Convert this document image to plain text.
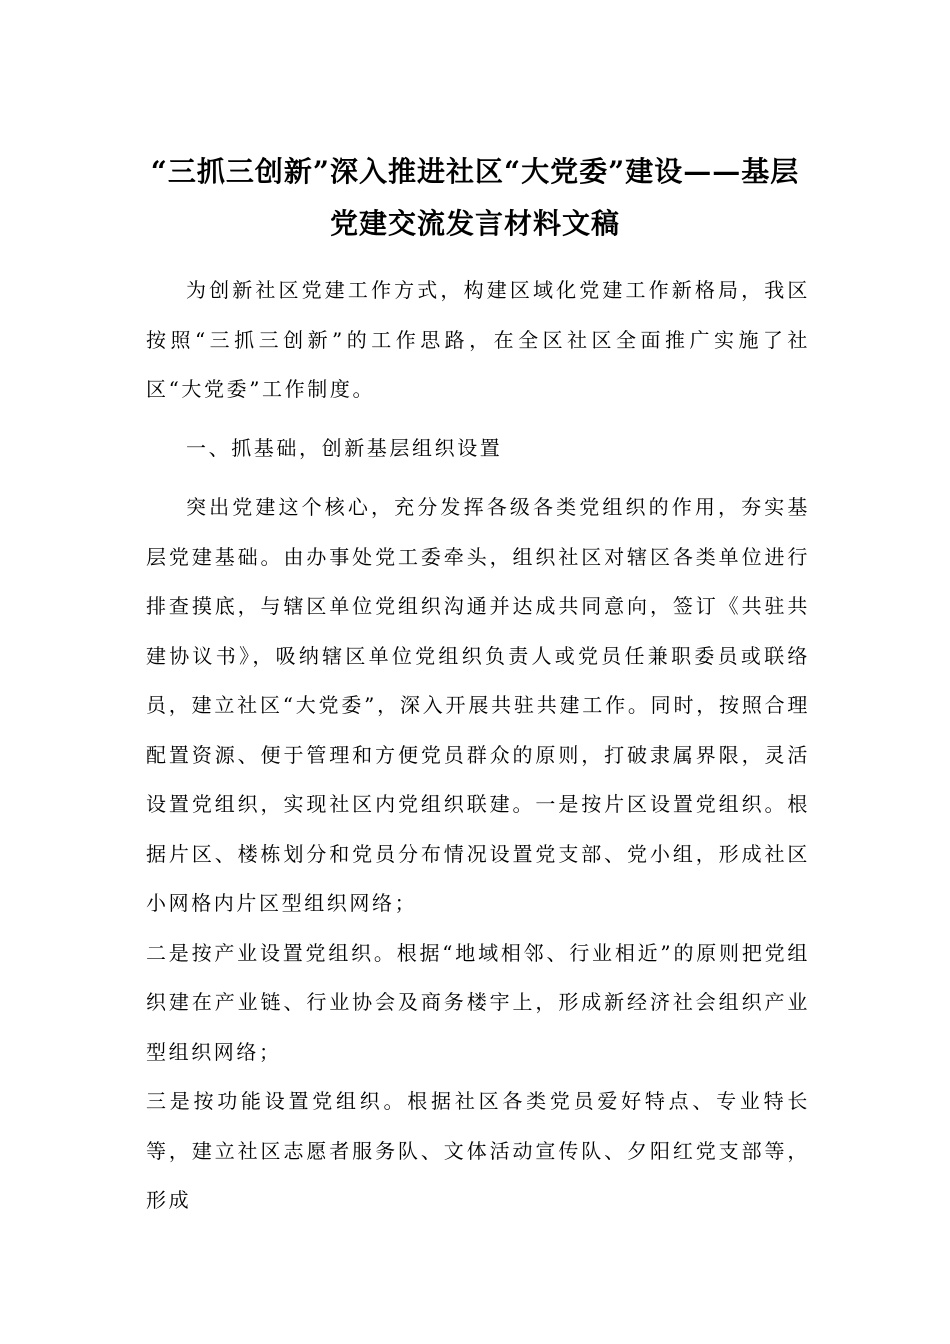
“三抓三创新”深入推进社区“大党委”建设——基层党建交流发言材料文稿

为创新社区党建工作方式，构建区域化党建工作新格局，我区按照“三抓三创新”的工作思路，在全区社区全面推广实施了社区“大党委”工作制度。

一、抓基础，创新基层组织设置

突出党建这个核心，充分发挥各级各类党组织的作用，夯实基层党建基础。由办事处党工委牵头，组织社区对辖区各类单位进行排查摸底，与辖区单位党组织沟通并达成共同意向，签订《共驻共建协议书》，吸纳辖区单位党组织负责人或党员任兼职委员或联络员，建立社区“大党委”，深入开展共驻共建工作。同时，按照合理配置资源、便于管理和方便党员群众的原则，打破隶属界限，灵活设置党组织，实现社区内党组织联建。一是按片区设置党组织。根据片区、楼栋划分和党员分布情况设置党支部、党小组，形成社区小网格内片区型组织网络；

二是按产业设置党组织。根据“地域相邻、行业相近”的原则把党组织建在产业链、行业协会及商务楼宇上，形成新经济社会组织产业型组织网络；

三是按功能设置党组织。根据社区各类党员爱好特点、专业特长等，建立社区志愿者服务队、文体活动宣传队、夕阳红党支部等，形成
